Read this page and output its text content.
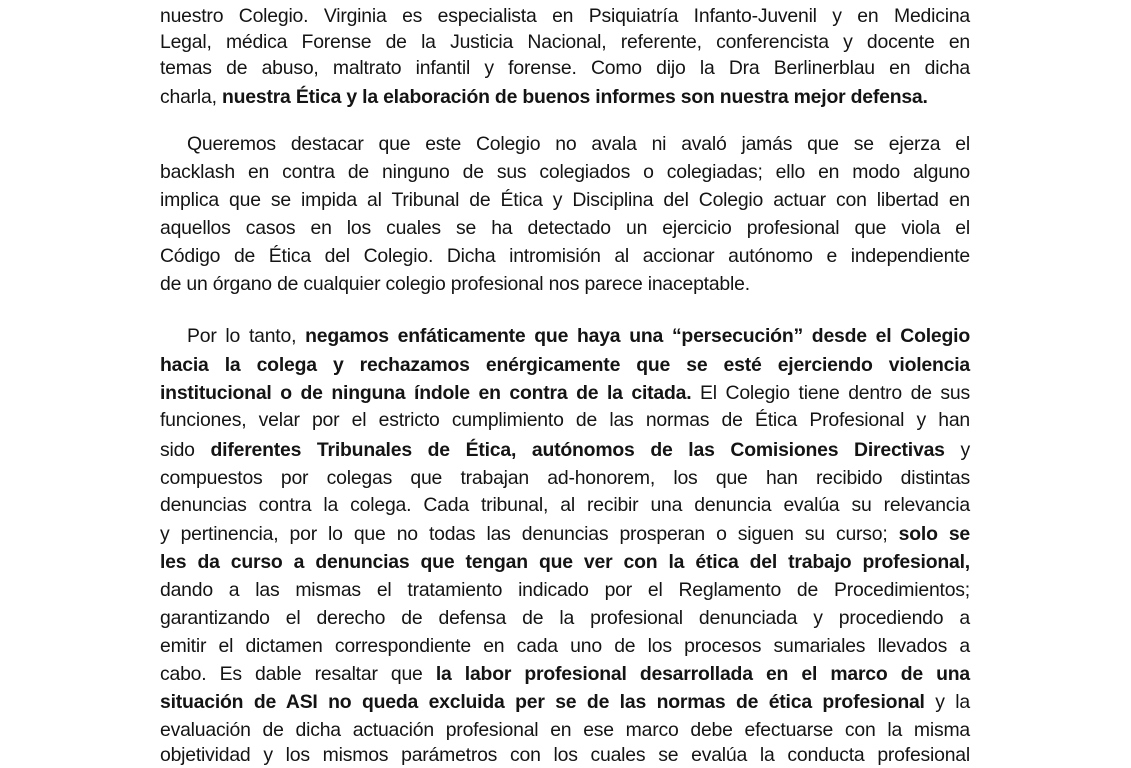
nuestro Colegio. Virginia es especialista en Psiquiatría Infanto-Juvenil y en Medicina
Legal, médica Forense de la Justicia Nacional, referente, conferencista y docente en
temas de abuso, maltrato infantil y forense. Como dijo la Dra Berlinerblau en dicha
charla, nuestra Ética y la elaboración de buenos informes son nuestra mejor defensa.
Queremos destacar que este Colegio no avala ni avaló jamás que se ejerza el
backlash en contra de ninguno de sus colegiados o colegiadas; ello en modo alguno
implica que se impida al Tribunal de Ética y Disciplina del Colegio actuar con libertad en
aquellos casos en los cuales se ha detectado un ejercicio profesional que viola el
Código de Ética del Colegio. Dicha intromisión al accionar autónomo e independiente
de un órgano de cualquier colegio profesional nos parece inaceptable.
Por lo tanto, negamos enfáticamente que haya una “persecución” desde el Colegio
hacia la colega y rechazamos enérgicamente que se esté ejerciendo violencia
institucional o de ninguna índole en contra de la citada. El Colegio tiene dentro de sus
funciones, velar por el estricto cumplimiento de las normas de Ética Profesional y han
sido diferentes Tribunales de Ética, autónomos de las Comisiones Directivas y
compuestos por colegas que trabajan ad-honorem, los que han recibido distintas
denuncias contra la colega. Cada tribunal, al recibir una denuncia evalúa su relevancia
y pertinencia, por lo que no todas las denuncias prosperan o siguen su curso; solo se
les da curso a denuncias que tengan que ver con la ética del trabajo profesional,
dando a las mismas el tratamiento indicado por el Reglamento de Procedimientos;
garantizando el derecho de defensa de la profesional denunciada y procediendo a
emitir el dictamen correspondiente en cada uno de los procesos sumariales llevados a
cabo. Es dable resaltar que la labor profesional desarrollada en el marco de una
situación de ASI no queda excluida per se de las normas de ética profesional y la
evaluación de dicha actuación profesional en ese marco debe efectuarse con la misma
objetividad y los mismos parámetros con los cuales se evalúa la conducta profesional
